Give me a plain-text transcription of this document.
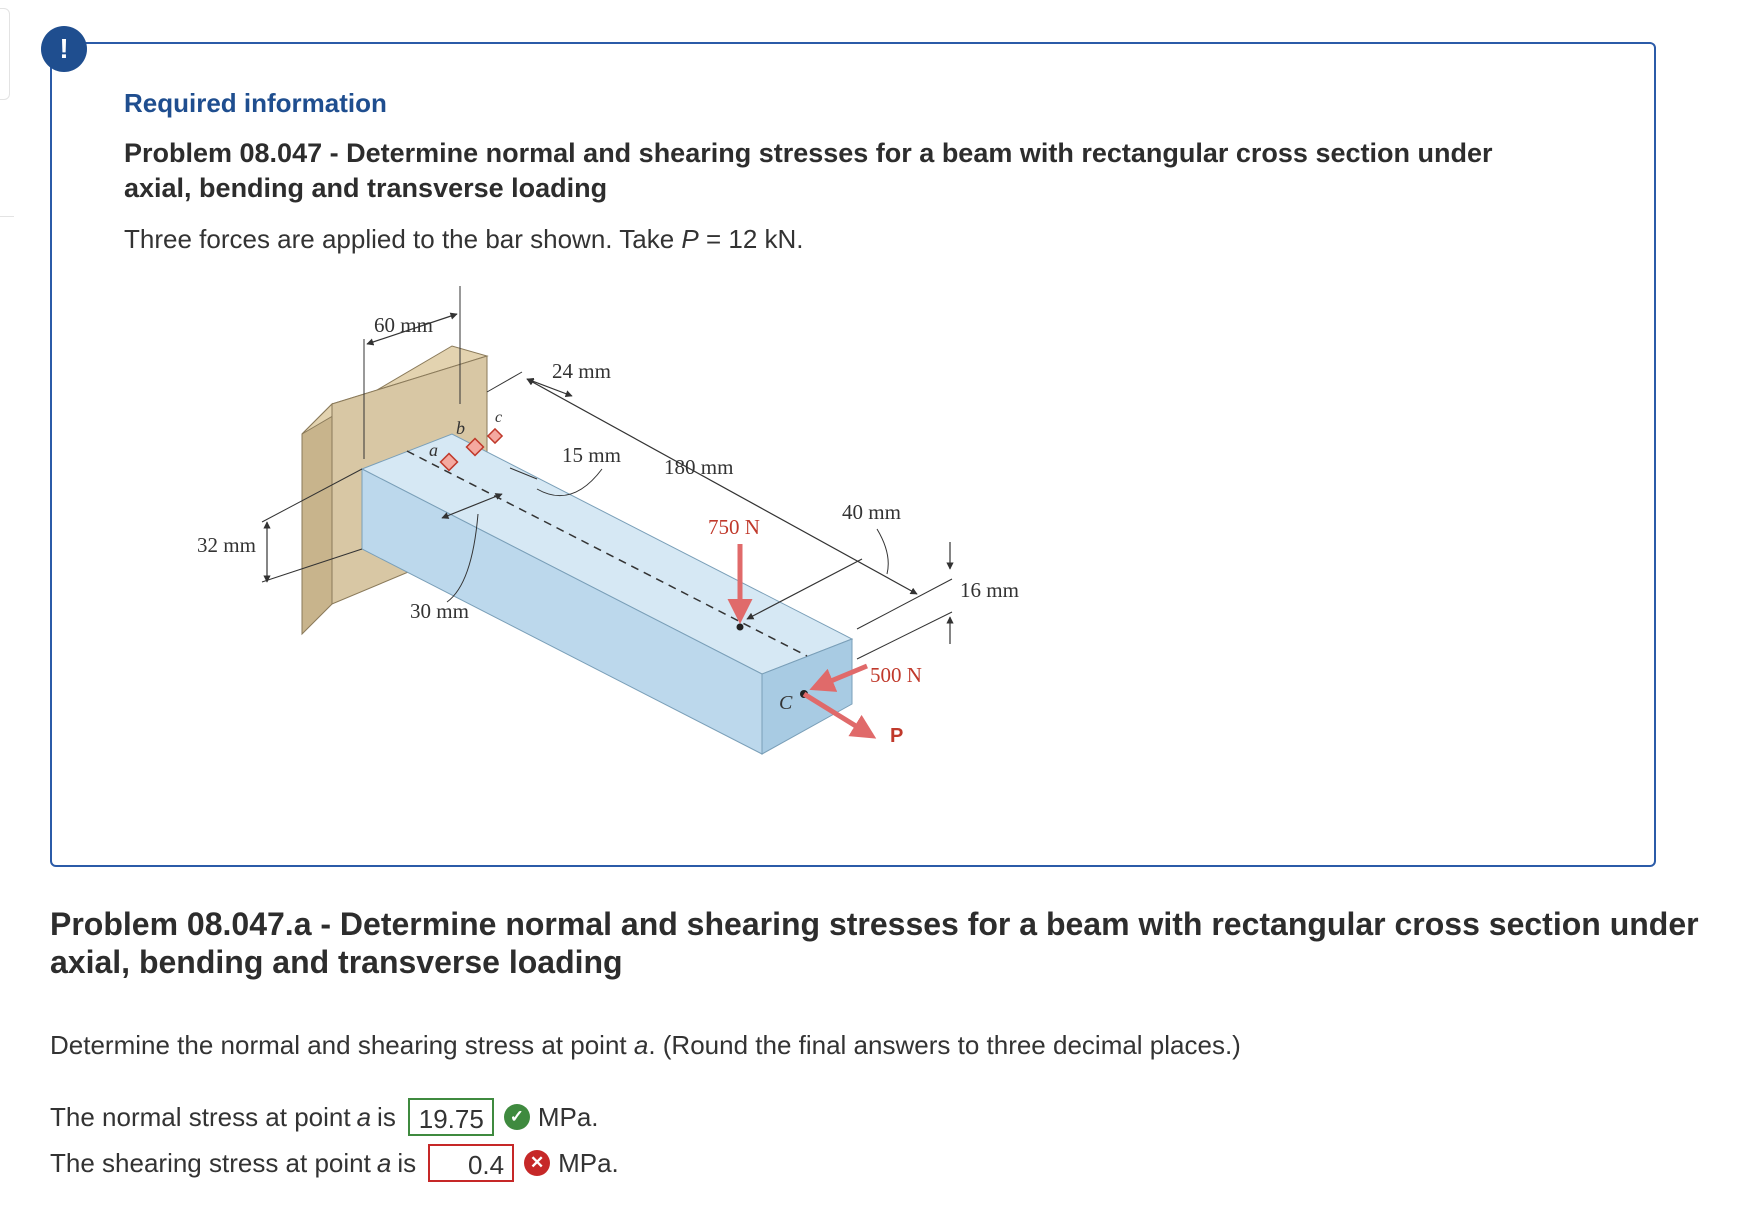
!
Required information
Problem 08.047 - Determine normal and shearing stresses for a beam with rectangular cross section under axial, bending and transverse loading
Three forces are applied to the bar shown. Take P = 12 kN.
a
b
c
60 mm
24 mm
15 mm 180 mm
40 mm
32 mm
30 mm
16 mm
750 N
C
500 N
P
Problem 08.047.a - Determine normal and shearing stresses for a beam with rectangular cross section under axial, bending and transverse loading
Determine the normal and shearing stress at point a. (Round the final answers to three decimal places.)
The normal stress at point a is 19.75	✓ MPa.
The shearing stress at point a is	0.4	✕ MPa.
